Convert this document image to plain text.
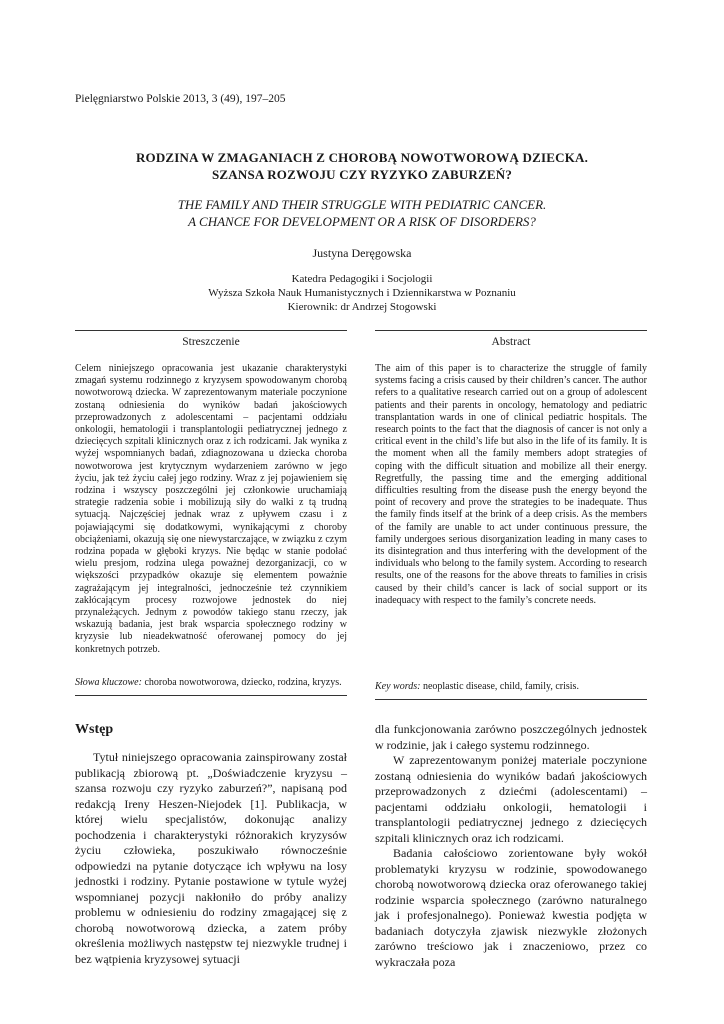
Pielęgniarstwo Polskie 2013, 3 (49), 197–205
RODZINA W ZMAGANIACH Z CHOROBĄ NOWOTWOROWĄ DZIECKA.
SZANSA ROZWOJU CZY RYZYKO ZABURZEŃ?
THE FAMILY AND THEIR STRUGGLE WITH PEDIATRIC CANCER.
A CHANCE FOR DEVELOPMENT OR A RISK OF DISORDERS?
Justyna Deręgowska
Katedra Pedagogiki i Socjologii
Wyższa Szkoła Nauk Humanistycznych i Dziennikarstwa w Poznaniu
Kierownik: dr Andrzej Stogowski
Streszczenie

Celem niniejszego opracowania jest ukazanie charakterystyki zmagań systemu rodzinnego z kryzysem spowodowanym chorobą nowotworową dziecka. W zaprezentowanym materiale poczynione zostaną odniesienia do wyników badań jakościowych przeprowadzonych z adolescentami – pacjentami oddziału onkologii, hematologii i transplantologii pediatrycznej jednego z dziecięcych szpitali klinicznych oraz z ich rodzicami. Jak wynika z wyżej wspomnianych badań, zdiagnozowana u dziecka choroba nowotworowa jest krytycznym wydarzeniem zarówno w jego życiu, jak też życiu całej jego rodziny. Wraz z jej pojawieniem się rodzina i wszyscy poszczególni jej członkowie uruchamiają strategie radzenia sobie i mobilizują siły do walki z tą trudną sytuacją. Najczęściej jednak wraz z upływem czasu i z pojawiającymi się dodatkowymi, wynikającymi z choroby obciążeniami, okazują się one niewystarczające, w związku z czym rodzina popada w głęboki kryzys. Nie będąc w stanie podołać wielu presjom, rodzina ulega poważnej dezorganizacji, co w większości przypadków okazuje się elementem poważnie zagrażającym jej integralności, jednocześnie też czynnikiem zakłócającym procesy rozwojowe jednostek do niej przynależących. Jednym z powodów takiego stanu rzeczy, jak wskazują badania, jest brak wsparcia społecznego rodziny w kryzysie lub nieadekwatność oferowanej pomocy do jej konkretnych potrzeb.

Abstract

The aim of this paper is to characterize the struggle of family systems facing a crisis caused by their children’s cancer. The author refers to a qualitative research carried out on a group of adolescent patients and their parents in oncology, hematology and pediatric transplantation wards in one of clinical pediatric hospitals. The research points to the fact that the diagnosis of cancer is not only a critical event in the child’s life but also in the life of its family. It is the moment when all the family members adopt strategies of coping with the difficult situation and mobilize all their energy. Regretfully, the passing time and the emerging additional difficulties resulting from the disease push the energy beyond the point of recovery and prove the strategies to be inadequate. Thus the family finds itself at the brink of a deep crisis. As the members of the family are unable to act under continuous pressure, the family undergoes serious disorganization leading in many cases to its disintegration and thus interfering with the development of the individuals who belong to the family system. According to research results, one of the reasons for the above threats to families in crisis caused by their child’s cancer is lack of social support or its inadequacy with respect to the family’s concrete needs.

Słowa kluczowe: choroba nowotworowa, dziecko, rodzina, kryzys.	Key words: neoplastic disease, child, family, crisis.
Wstęp

Tytuł niniejszego opracowania zainspirowany został publikacją zbiorową pt. „Doświadczenie kryzysu – szansa rozwoju czy ryzyko zaburzeń?”, napisaną pod redakcją Ireny Heszen-Niejodek [1]. Publikacja, w której wielu specjalistów, dokonując analizy pochodzenia i charakterystyki różnorakich kryzysów życiu człowieka, poszukiwało równocześnie odpowiedzi na pytanie dotyczące ich wpływu na losy jednostki i rodziny. Pytanie postawione w tytule wyżej wspomnianej pozycji nakłoniło do próby analizy problemu w odniesieniu do rodziny zmagającej się z chorobą nowotworową dziecka, a zatem próby określenia możliwych następstw tej niezwykle trudnej i bez wątpienia kryzysowej sytuacji

dla funkcjonowania zarówno poszczególnych jednostek w rodzinie, jak i całego systemu rodzinnego.

W zaprezentowanym poniżej materiale poczynione zostaną odniesienia do wyników badań jakościowych przeprowadzonych z dziećmi (adolescentami) – pacjentami oddziału onkologii, hematologii i transplantologii pediatrycznej jednego z dziecięcych szpitali klinicznych oraz ich rodzicami.

Badania całościowo zorientowane były wokół problematyki kryzysu w rodzinie, spowodowanego chorobą nowotworową dziecka oraz oferowanego takiej rodzinie wsparcia społecznego (zarówno naturalnego jak i profesjonalnego). Ponieważ kwestia podjęta w badaniach dotyczyła zjawisk niezwykle złożonych zarówno treściowo jak i znaczeniowo, przez co wykraczała poza
